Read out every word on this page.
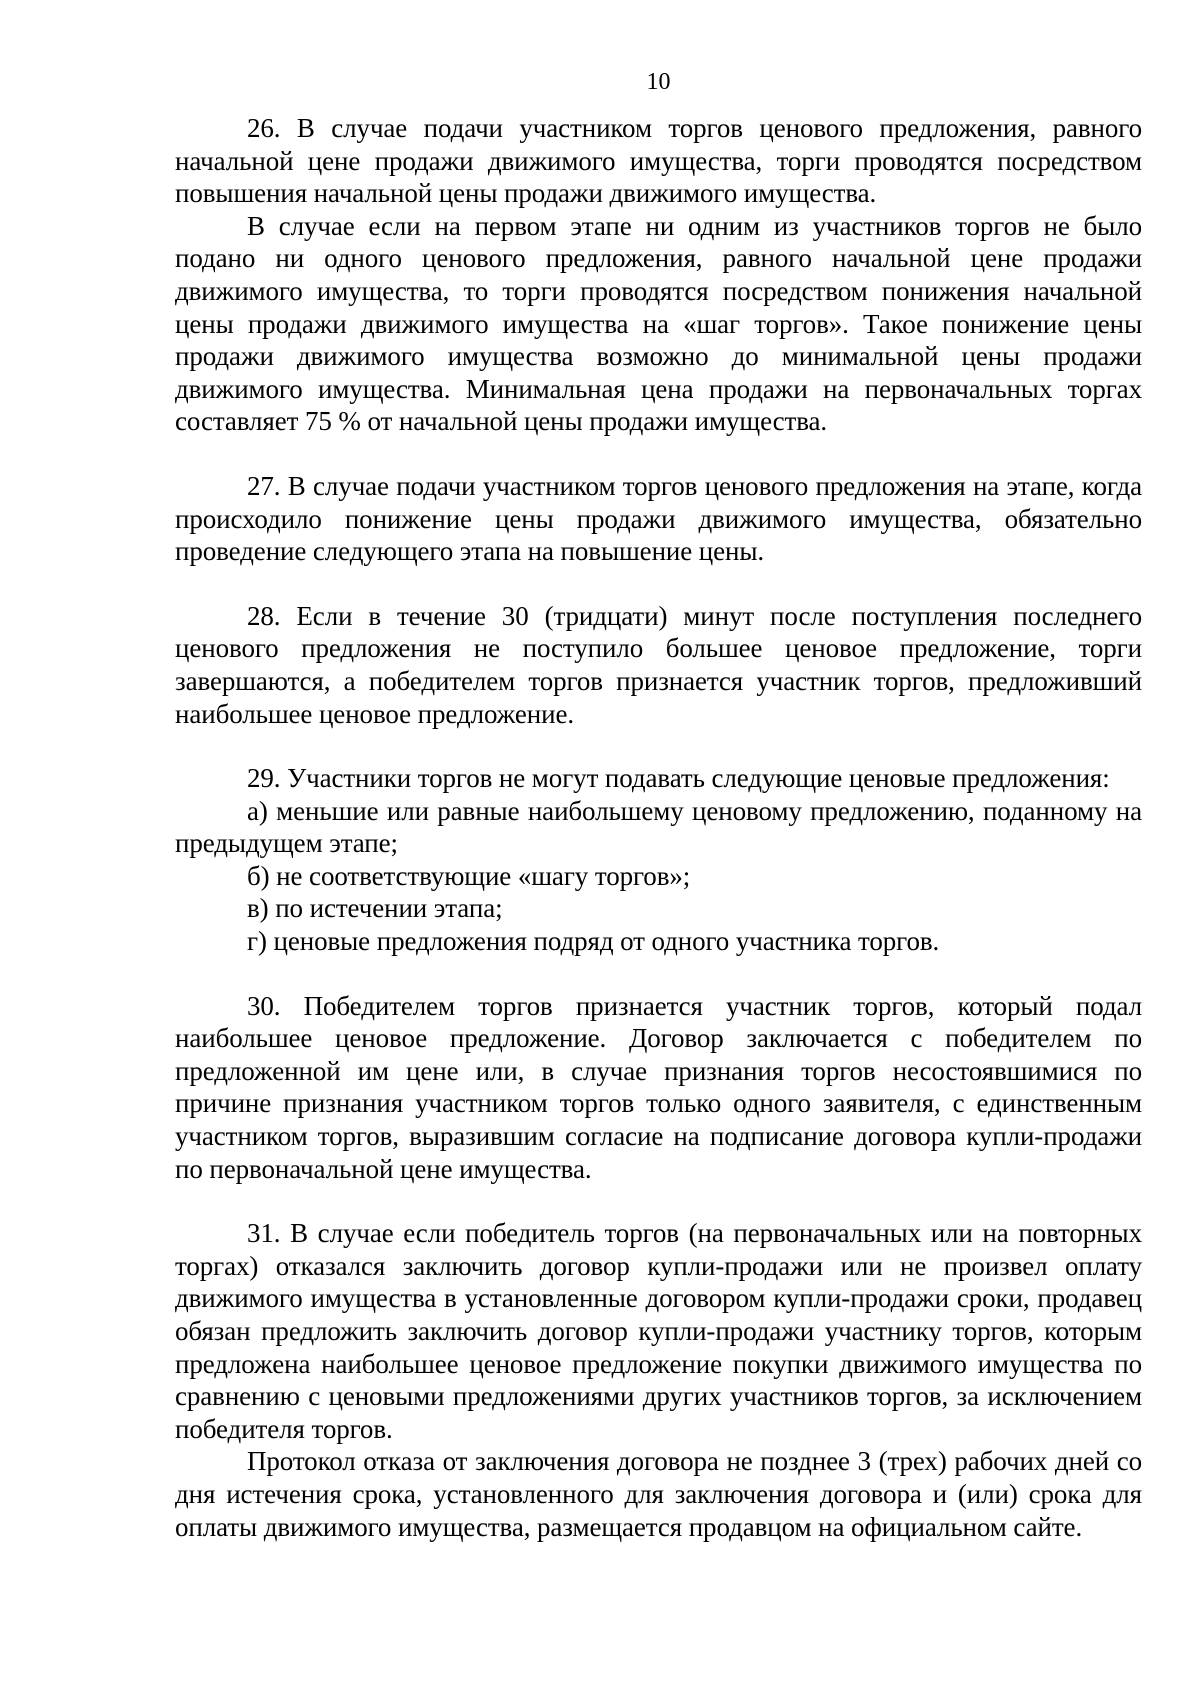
10

26. В случае подачи участником торгов ценового предложения, равного начальной цене продажи движимого имущества, торги проводятся посредством повышения начальной цены продажи движимого имущества.

В случае если на первом этапе ни одним из участников торгов не было подано ни одного ценового предложения, равного начальной цене продажи движимого имущества, то торги проводятся посредством понижения начальной цены продажи движимого имущества на «шаг торгов». Такое понижение цены продажи движимого имущества возможно до минимальной цены продажи движимого имущества. Минимальная цена продажи на первоначальных торгах составляет 75 % от начальной цены продажи имущества.

27. В случае подачи участником торгов ценового предложения на этапе, когда происходило понижение цены продажи движимого имущества, обязательно проведение следующего этапа на повышение цены.

28. Если в течение 30 (тридцати) минут после поступления последнего ценового предложения не поступило большее ценовое предложение, торги завершаются, а победителем торгов признается участник торгов, предложивший наибольшее ценовое предложение.

29. Участники торгов не могут подавать следующие ценовые предложения:

а) меньшие или равные наибольшему ценовому предложению, поданному на предыдущем этапе;

б) не соответствующие «шагу торгов»;

в) по истечении этапа;

г) ценовые предложения подряд от одного участника торгов.

30. Победителем торгов признается участник торгов, который подал наибольшее ценовое предложение. Договор заключается с победителем по предложенной им цене или, в случае признания торгов несостоявшимися по причине признания участником торгов только одного заявителя, с единственным участником торгов, выразившим согласие на подписание договора купли-продажи по первоначальной цене имущества.

31. В случае если победитель торгов (на первоначальных или на повторных торгах) отказался заключить договор купли-продажи или не произвел оплату движимого имущества в установленные договором купли-продажи сроки, продавец обязан предложить заключить договор купли-продажи участнику торгов, которым предложена наибольшее ценовое предложение покупки движимого имущества по сравнению с ценовыми предложениями других участников торгов, за исключением победителя торгов.

Протокол отказа от заключения договора не позднее 3 (трех) рабочих дней со дня истечения срока, установленного для заключения договора и (или) срока для оплаты движимого имущества, размещается продавцом на официальном сайте.
